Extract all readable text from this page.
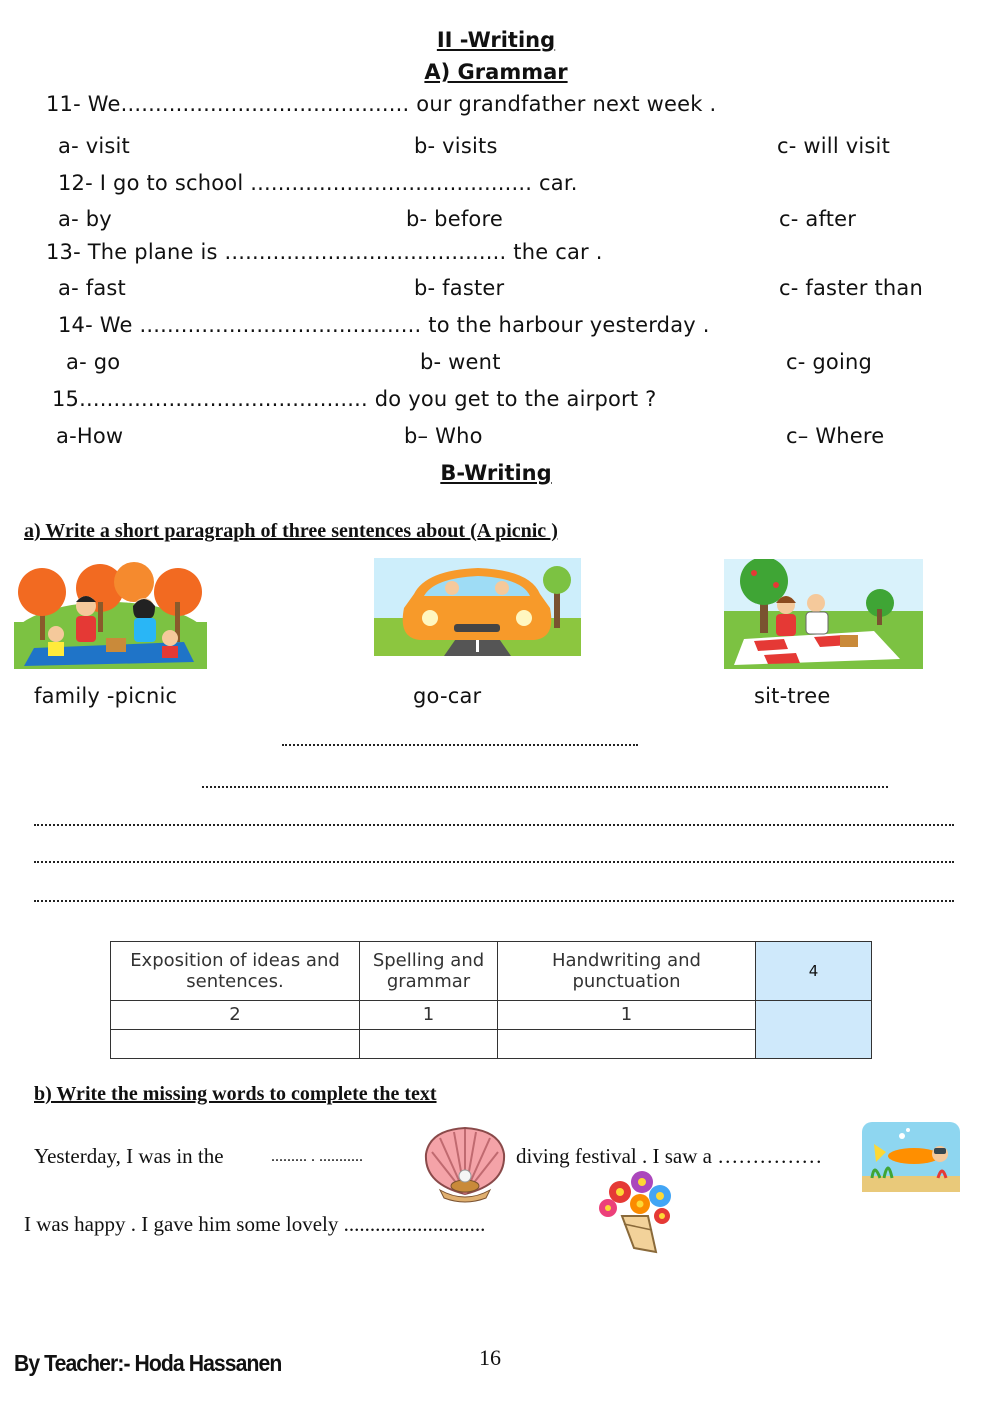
II -Writing
A) Grammar
11- We.......................................... our grandfather next week .
a- visit	b- visits	c- will visit
12- I go to school ......................................... car.
a- by	b- before	c- after
13- The plane is ......................................... the car .
a- fast	b- faster	c- faster than
14- We ......................................... to the harbour yesterday .
a- go	b- went	c- going
15.......................................... do you get to the airport ?
a-How	b– Who	c– Where
B-Writing
a) Write a short paragraph of three sentences about (A picnic )
family -picnic	go-car	sit-tree
Exposition of ideas and sentences.	Spelling and grammar	Handwriting and punctuation	4
2	1	1	

b) Write the missing words to complete the text
Yesterday, I was in the	......... . ...........	diving festival . I saw a ……………
I was happy . I gave him some lovely ...........................
By Teacher:- Hoda Hassanen	16
